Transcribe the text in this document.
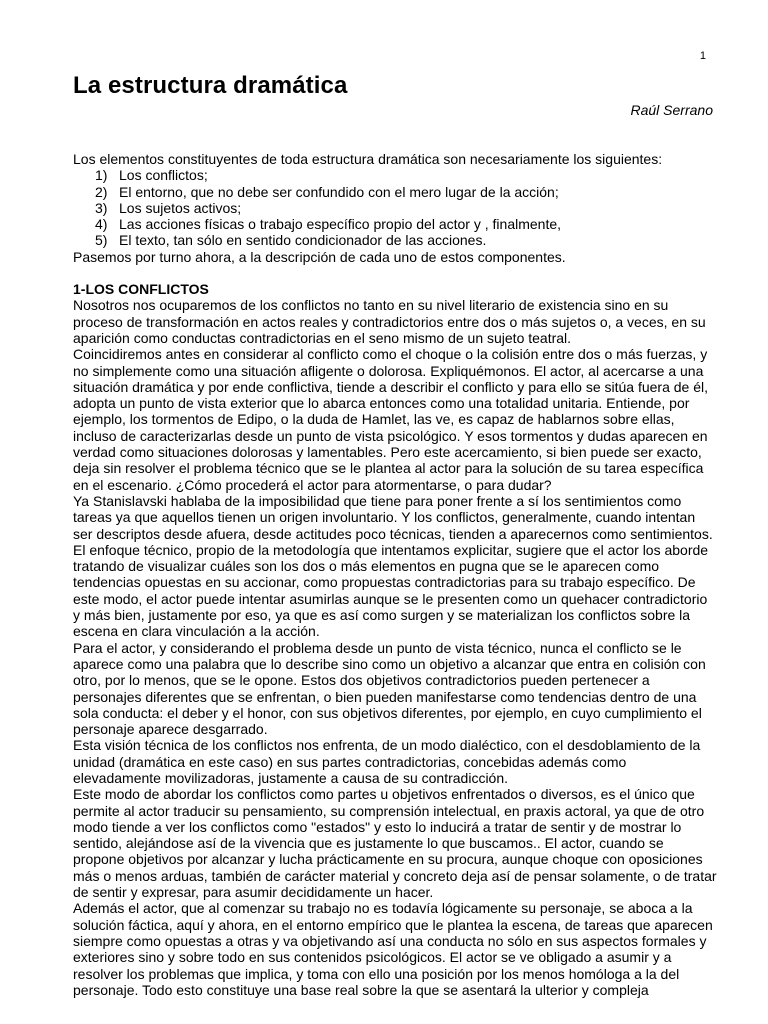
1
La estructura dramática
Raúl Serrano

Los elementos constituyentes de toda estructura dramática son necesariamente los siguientes:

1) Los conflictos;
2) El entorno, que no debe ser confundido con el mero lugar de la acción;
3) Los sujetos activos;
4) Las acciones físicas o trabajo específico propio del actor y , finalmente,
5) El texto, tan sólo en sentido condicionador de las acciones.

Pasemos por turno ahora, a la descripción de cada uno de estos componentes.

1-LOS CONFLICTOS

Nosotros nos ocuparemos de los conflictos no tanto en su nivel literario de existencia sino en su proceso de transformación en actos reales y contradictorios entre dos o más sujetos o, a veces, en su aparición como conductas contradictorias en el seno mismo de un sujeto teatral.

Coincidiremos antes en considerar al conflicto como el choque o la colisión entre dos o más fuerzas, y no simplemente como una situación afligente o dolorosa. Expliquémonos. El actor, al acercarse a una situación dramática y por ende conflictiva, tiende a describir el conflicto y para ello se sitúa fuera de él, adopta un punto de vista exterior que lo abarca entonces como una totalidad unitaria. Entiende, por ejemplo, los tormentos de Edipo, o la duda de Hamlet, las ve, es capaz de hablarnos sobre ellas, incluso de caracterizarlas desde un punto de vista psicológico. Y esos tormentos y dudas aparecen en verdad como situaciones dolorosas y lamentables. Pero este acercamiento, si bien puede ser exacto, deja sin resolver el problema técnico que se le plantea al actor para la solución de su tarea específica en el escenario. ¿Cómo procederá el actor para atormentarse, o para dudar?

Ya Stanislavski hablaba de la imposibilidad que tiene para poner frente a sí los sentimientos como tareas ya que aquellos tienen un origen involuntario. Y los conflictos, generalmente, cuando intentan ser descriptos desde afuera, desde actitudes poco técnicas, tienden a aparecernos como sentimientos.

El enfoque técnico, propio de la metodología que intentamos explicitar, sugiere que el actor los aborde tratando de visualizar cuáles son los dos o más elementos en pugna que se le aparecen como tendencias opuestas en su accionar, como propuestas contradictorias para su trabajo específico. De este modo, el actor puede intentar asumirlas aunque se le presenten como un quehacer contradictorio y más bien, justamente por eso, ya que es así como surgen y se materializan los conflictos sobre la escena en clara vinculación a la acción.

Para el actor, y considerando el problema desde un punto de vista técnico, nunca el conflicto se le aparece como una palabra que lo describe sino como un objetivo a alcanzar que entra en colisión con otro, por lo menos, que se le opone. Estos dos objetivos contradictorios pueden pertenecer a personajes diferentes que se enfrentan, o bien pueden manifestarse como tendencias dentro de una sola conducta: el deber y el honor, con sus objetivos diferentes, por ejemplo, en cuyo cumplimiento el personaje aparece desgarrado.

Esta visión técnica de los conflictos nos enfrenta, de un modo dialéctico, con el desdoblamiento de la unidad (dramática en este caso) en sus partes contradictorias, concebidas además como elevadamente movilizadoras, justamente a causa de su contradicción.

Este modo de abordar los conflictos como partes u objetivos enfrentados o diversos, es el único que permite al actor traducir su pensamiento, su comprensión intelectual, en praxis actoral, ya que de otro modo tiende a ver los conflictos como "estados" y esto lo inducirá a tratar de sentir y de mostrar lo sentido, alejándose así de la vivencia que es justamente lo que buscamos.. El actor, cuando se propone objetivos por alcanzar y lucha prácticamente en su procura, aunque choque con oposiciones más o menos arduas, también de carácter material y concreto deja así de pensar solamente, o de tratar de sentir y expresar, para asumir decididamente un hacer.

Además el actor, que al comenzar su trabajo no es todavía lógicamente su personaje, se aboca a la solución fáctica, aquí y ahora, en el entorno empírico que le plantea la escena, de tareas que aparecen siempre como opuestas a otras y va objetivando así una conducta no sólo en sus aspectos formales y exteriores sino y sobre todo en sus contenidos psicológicos. El actor se ve obligado a asumir y a resolver los problemas que implica, y toma con ello una posición por los menos homóloga a la del personaje. Todo esto constituye una base real sobre la que se asentará la ulterior y compleja
